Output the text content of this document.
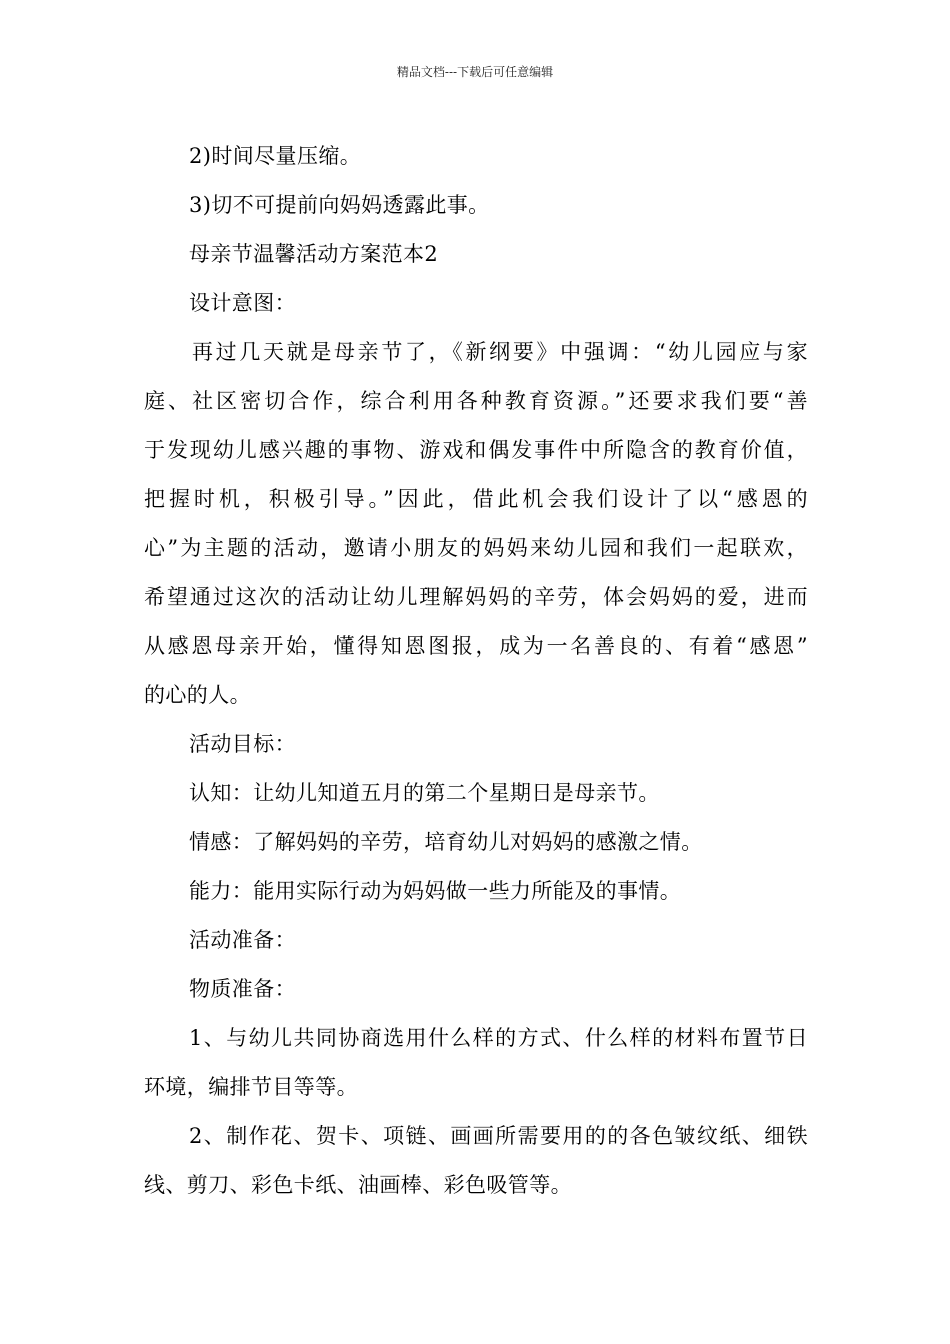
精品文档---下载后可任意编辑
2)时间尽量压缩。
3)切不可提前向妈妈透露此事。
母亲节温馨活动方案范本2
设计意图：
再过几天就是母亲节了，《新纲要》中强调：“幼儿园应与家
庭、社区密切合作，综合利用各种教育资源。”还要求我们要“善
于发现幼儿感兴趣的事物、游戏和偶发事件中所隐含的教育价值，
把握时机，积极引导。”因此，借此机会我们设计了以“感恩的
心”为主题的活动，邀请小朋友的妈妈来幼儿园和我们一起联欢，
希望通过这次的活动让幼儿理解妈妈的辛劳，体会妈妈的爱，进而
从感恩母亲开始，懂得知恩图报，成为一名善良的、有着“感恩”
的心的人。
活动目标：
认知：让幼儿知道五月的第二个星期日是母亲节。
情感：了解妈妈的辛劳，培育幼儿对妈妈的感激之情。
能力：能用实际行动为妈妈做一些力所能及的事情。
活动准备：
物质准备：
1、与幼儿共同协商选用什么样的方式、什么样的材料布置节日
环境，编排节目等等。
2、制作花、贺卡、项链、画画所需要用的的各色皱纹纸、细铁
线、剪刀、彩色卡纸、油画棒、彩色吸管等。
